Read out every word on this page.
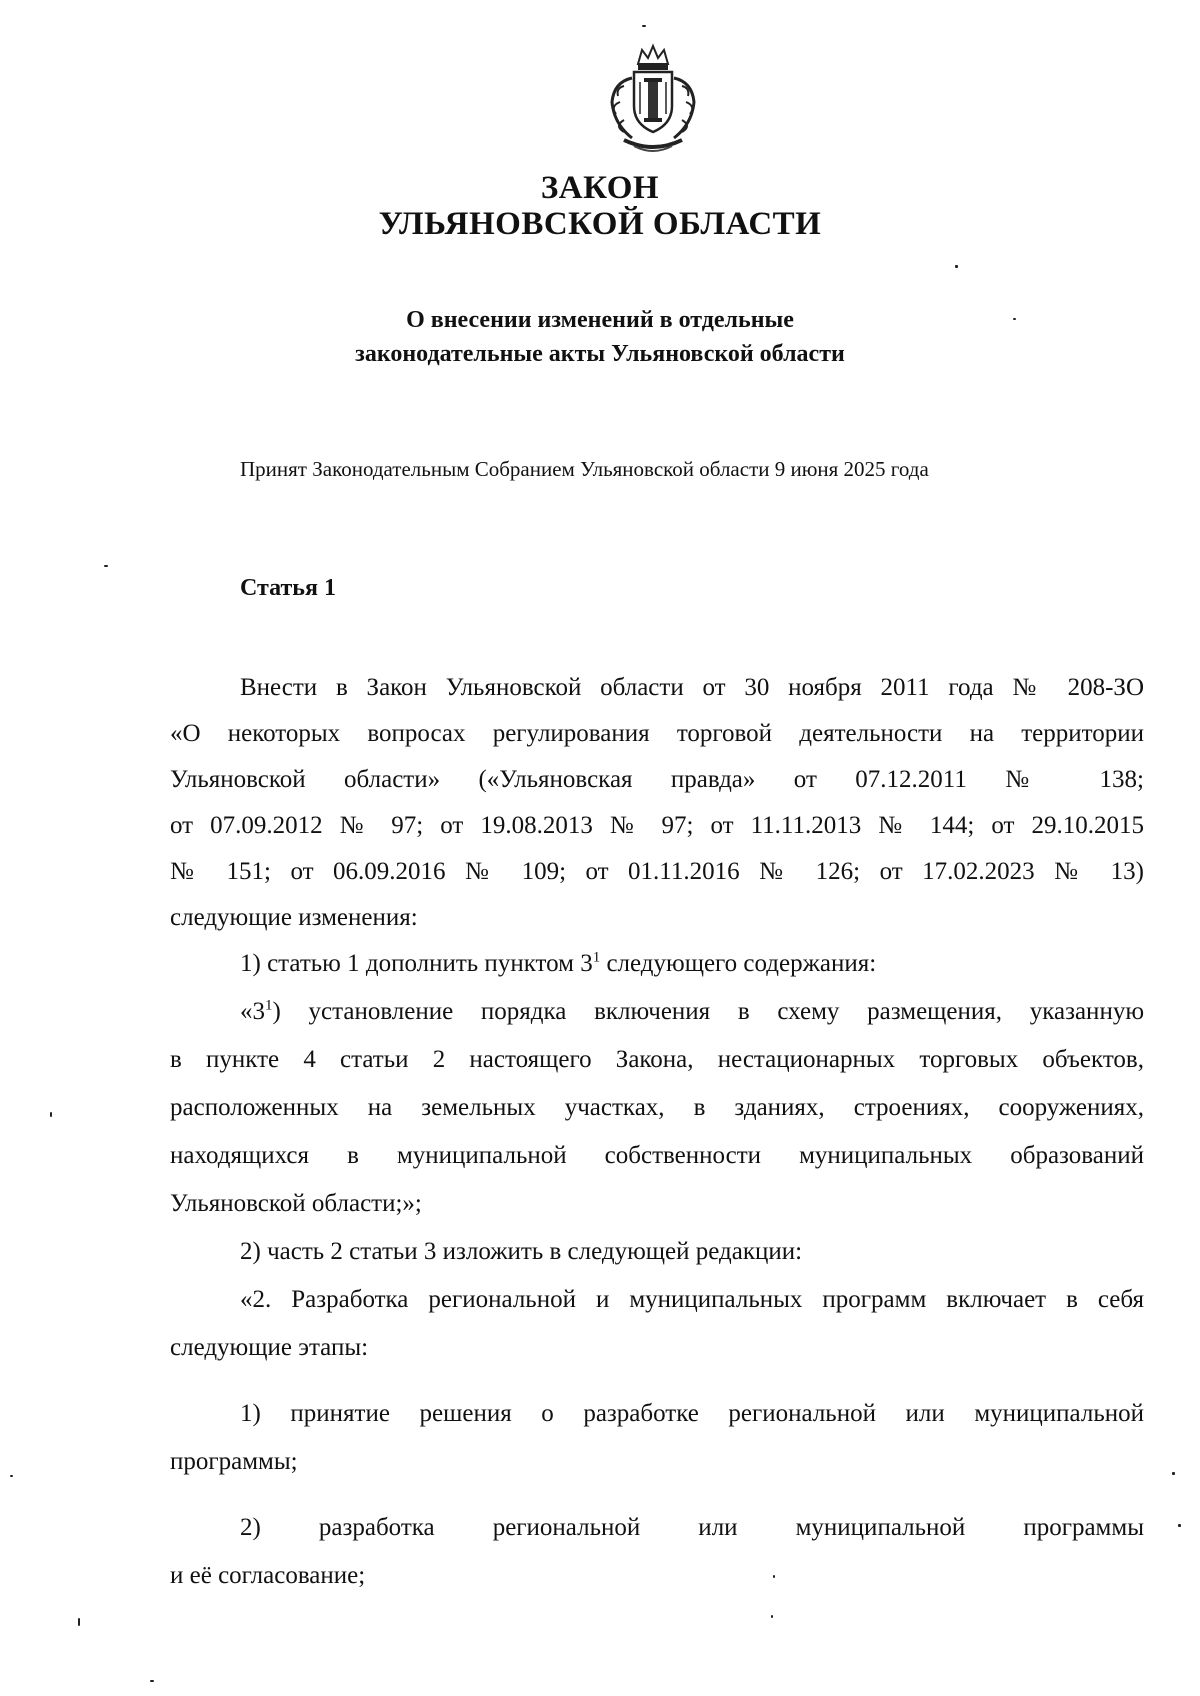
ЗАКОН
УЛЬЯНОВСКОЙ ОБЛАСТИ
О внесении изменений в отдельные
законодательные акты Ульяновской области
Принят Законодательным Собранием Ульяновской области 9 июня 2025 года
Статья 1
Внести в Закон Ульяновской области от 30 ноября 2011 года № 208-ЗО
«О некоторых вопросах регулирования торговой деятельности на территории
Ульяновской области» («Ульяновская правда» от 07.12.2011 № 138;
от 07.09.2012 № 97; от 19.08.2013 № 97; от 11.11.2013 № 144; от 29.10.2015
№ 151; от 06.09.2016 № 109; от 01.11.2016 № 126; от 17.02.2023 № 13)
следующие изменения:
1) статью 1 дополнить пунктом $3^1$ следующего содержания:
«$3^1$) установление порядка включения в схему размещения, указанную
в пункте 4 статьи 2 настоящего Закона, нестационарных торговых объектов,
расположенных на земельных участках, в зданиях, строениях, сооружениях,
находящихся в муниципальной собственности муниципальных образований
Ульяновской области;»;
2) часть 2 статьи 3 изложить в следующей редакции:
«2. Разработка региональной и муниципальных программ включает в себя
следующие этапы:
1) принятие решения о разработке региональной или муниципальной
программы;
2) разработка региональной или муниципальной программы
и её согласование;
